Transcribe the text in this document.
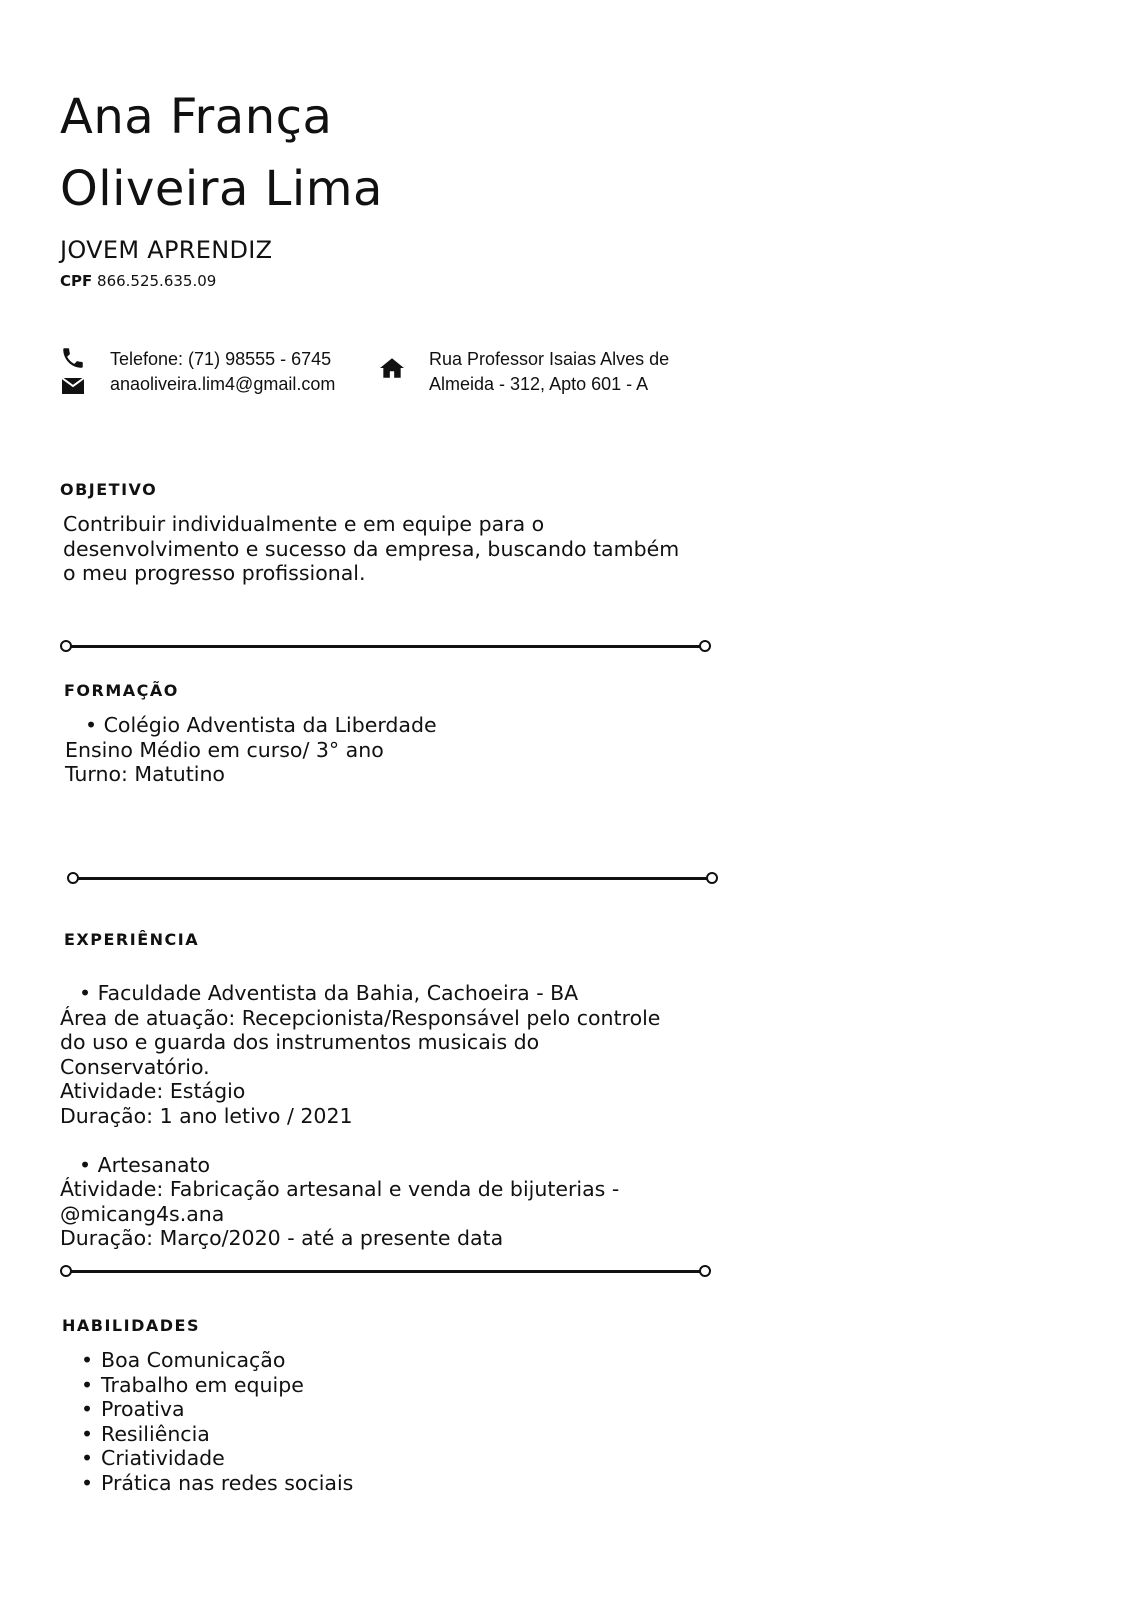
Ana França
Oliveira Lima
JOVEM APRENDIZ
CPF 866.525.635.09
Telefone: (71) 98555 - 6745
anaoliveira.lim4@gmail.com
Rua Professor Isaias Alves de
Almeida - 312, Apto 601 - A
OBJETIVO
Contribuir individualmente e em equipe para o
desenvolvimento e sucesso da empresa, buscando também
o meu progresso profissional.
FORMAÇÃO
• Colégio Adventista da Liberdade
Ensino Médio em curso/ 3° ano
Turno: Matutino
EXPERIÊNCIA
• Faculdade Adventista da Bahia, Cachoeira - BA
Área de atuação: Recepcionista/Responsável pelo controle
do uso e guarda dos instrumentos musicais do
Conservatório.
Atividade: Estágio
Duração: 1 ano letivo / 2021

• Artesanato
Átividade: Fabricação artesanal e venda de bijuterias -
@micang4s.ana
Duração: Março/2020 - até a presente data
HABILIDADES
• Boa Comunicação
• Trabalho em equipe
• Proativa
• Resiliência
• Criatividade
• Prática nas redes sociais
